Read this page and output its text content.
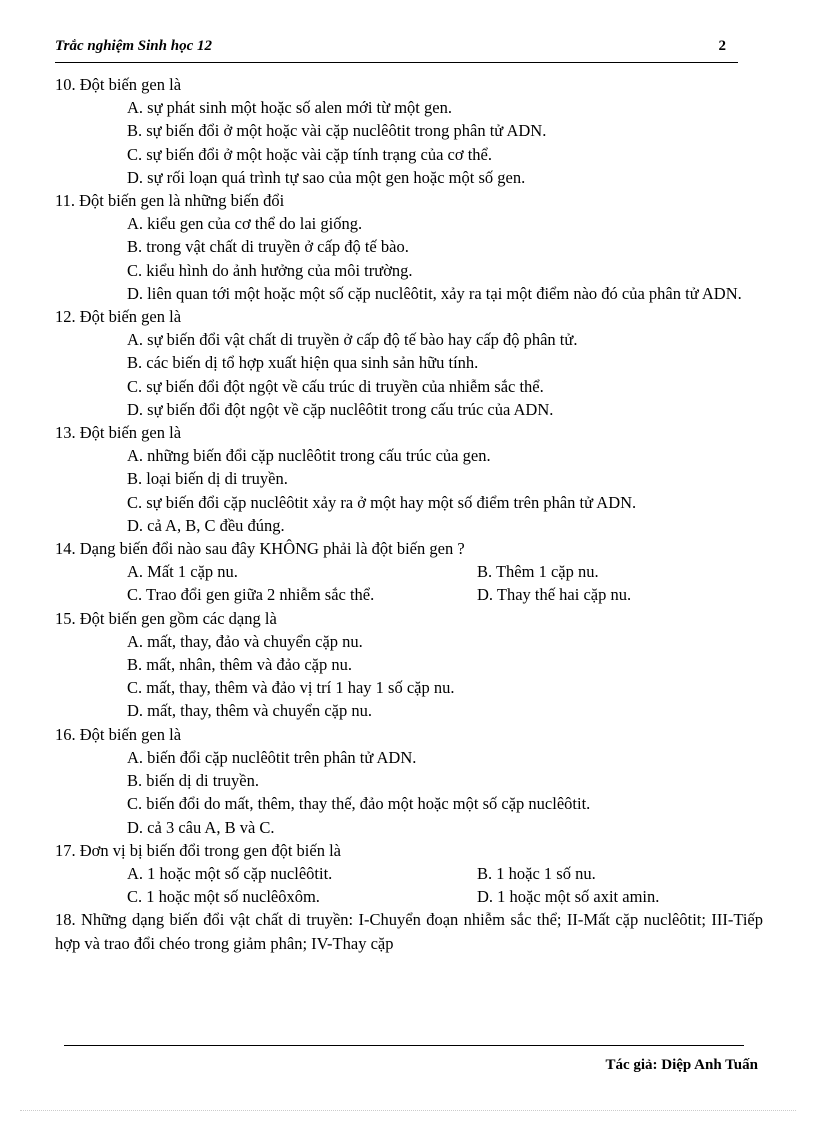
Trắc nghiệm Sinh học 12	2

10. Đột biến gen là

A. sự phát sinh một hoặc số alen mới từ một gen.

B. sự biến đổi ở một hoặc vài cặp nuclêôtit trong phân tử ADN.

C. sự biến đổi ở một hoặc vài cặp tính trạng của cơ thể.

D. sự rối loạn quá trình tự sao của một gen hoặc một số gen.

11. Đột biến gen là những biến đổi

A. kiểu gen của cơ thể do lai giống.

B. trong vật chất di truyền ở cấp độ tế bào.

C. kiểu hình do ảnh hưởng của môi trường.

D. liên quan tới một hoặc một số cặp nuclêôtit, xảy ra tại một điểm nào đó của phân tử ADN.

12. Đột biến gen là

A. sự biến đổi vật chất di truyền ở cấp độ tế bào hay cấp độ phân tử.

B. các biến dị tổ hợp xuất hiện qua sinh sản hữu tính.

C. sự biến đổi đột ngột về cấu trúc di truyền của nhiễm sắc thể.

D. sự biến đổi đột ngột về cặp nuclêôtit trong cấu trúc của ADN.

13. Đột biến gen là

A. những biến đổi cặp nuclêôtit trong cấu trúc của gen.

B. loại biến dị di truyền.

C. sự biến đổi cặp nuclêôtit xảy ra ở một hay một số điểm trên phân tử ADN.

D. cả A, B, C đều đúng.

14. Dạng biến đổi nào sau đây KHÔNG phải là đột biến gen ?

A. Mất 1 cặp nu.	B. Thêm 1 cặp nu.
C. Trao đổi gen giữa 2 nhiễm sắc thể.	D. Thay thế hai cặp nu.

15. Đột biến gen gồm các dạng là

A. mất, thay, đảo và chuyển cặp nu.

B. mất, nhân, thêm và đảo cặp nu.

C. mất, thay, thêm và đảo vị trí 1 hay 1 số cặp nu.

D. mất, thay, thêm và chuyển cặp nu.

16. Đột biến gen là

A. biến đổi cặp nuclêôtit trên phân tử ADN.

B. biến dị di truyền.

C. biến đổi do mất, thêm, thay thế, đảo một hoặc một số cặp nuclêôtit.

D. cả 3 câu A, B và C.

17. Đơn vị bị biến đổi trong gen đột biến là

A. 1 hoặc một số cặp nuclêôtit.	B. 1 hoặc 1 số nu.
C. 1 hoặc một số nuclêôxôm.	D. 1 hoặc một số axit amin.

18. Những dạng biến đổi vật chất di truyền: I-Chuyển đoạn nhiễm sắc thể; II-Mất cặp nuclêôtit; III-Tiếp hợp và trao đổi chéo trong giảm phân; IV-Thay cặp

Tác giả: Diệp Anh Tuấn
